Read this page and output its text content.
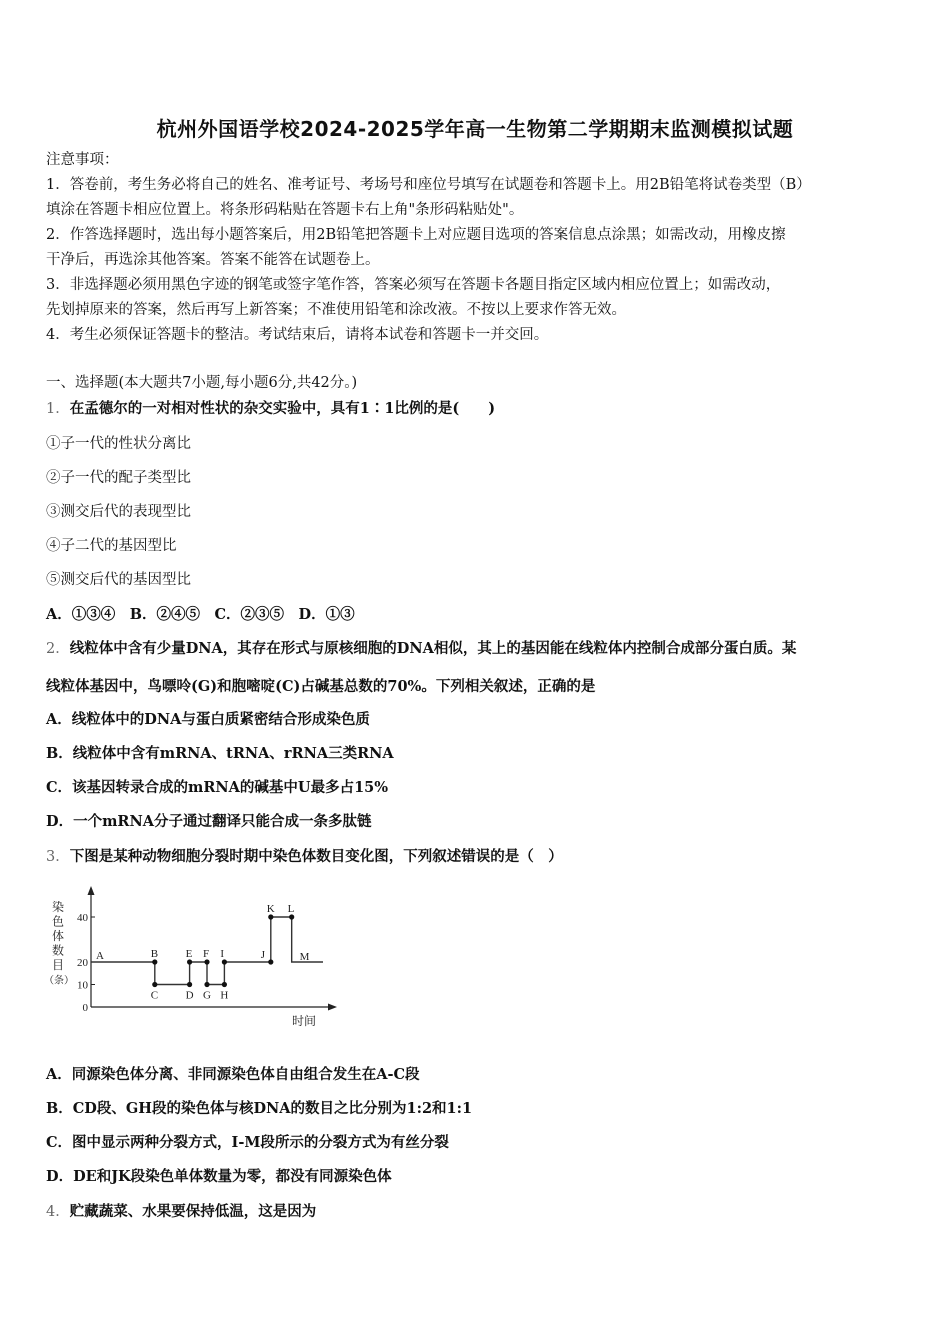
杭州外国语学校2024-2025学年高一生物第二学期期末监测模拟试题
注意事项：
1．答卷前，考生务必将自己的姓名、准考证号、考场号和座位号填写在试题卷和答题卡上。用2B铅笔将试卷类型（B）
填涂在答题卡相应位置上。将条形码粘贴在答题卡右上角"条形码粘贴处"。
2．作答选择题时，选出每小题答案后，用2B铅笔把答题卡上对应题目选项的答案信息点涂黑；如需改动，用橡皮擦
干净后，再选涂其他答案。答案不能答在试题卷上。
3．非选择题必须用黑色字迹的钢笔或签字笔作答，答案必须写在答题卡各题目指定区域内相应位置上；如需改动，
先划掉原来的答案，然后再写上新答案；不准使用铅笔和涂改液。不按以上要求作答无效。
4．考生必须保证答题卡的整洁。考试结束后，请将本试卷和答题卡一并交回。
一、选择题(本大题共7小题,每小题6分,共42分。)
1．在孟德尔的一对相对性状的杂交实验中，具有1∶1比例的是(　　)
①子一代的性状分离比
②子一代的配子类型比
③测交后代的表现型比
④子二代的基因型比
⑤测交后代的基因型比
A．①③④　B．②④⑤　C．②③⑤　D．①③
2．线粒体中含有少量DNA，其存在形式与原核细胞的DNA相似，其上的基因能在线粒体内控制合成部分蛋白质。某
线粒体基因中，鸟嘌呤(G)和胞嘧啶(C)占碱基总数的70%。下列相关叙述，正确的是
A．线粒体中的DNA与蛋白质紧密结合形成染色质
B．线粒体中含有mRNA、tRNA、rRNA三类RNA
C．该基因转录合成的mRNA的碱基中U最多占15%
D．一个mRNA分子通过翻译只能合成一条多肽链
3．下图是某种动物细胞分裂时期中染色体数目变化图，下列叙述错误的是（　）
染
色
体
数
目
（条）
0
10
20
40
A	B
C D
E F
G H
I	J
K L
M
时间
A．同源染色体分离、非同源染色体自由组合发生在A-C段
B．CD段、GH段的染色体与核DNA的数目之比分别为1:2和1:1
C．图中显示两种分裂方式，I-M段所示的分裂方式为有丝分裂
D．DE和JK段染色单体数量为零，都没有同源染色体
4．贮藏蔬菜、水果要保持低温，这是因为
